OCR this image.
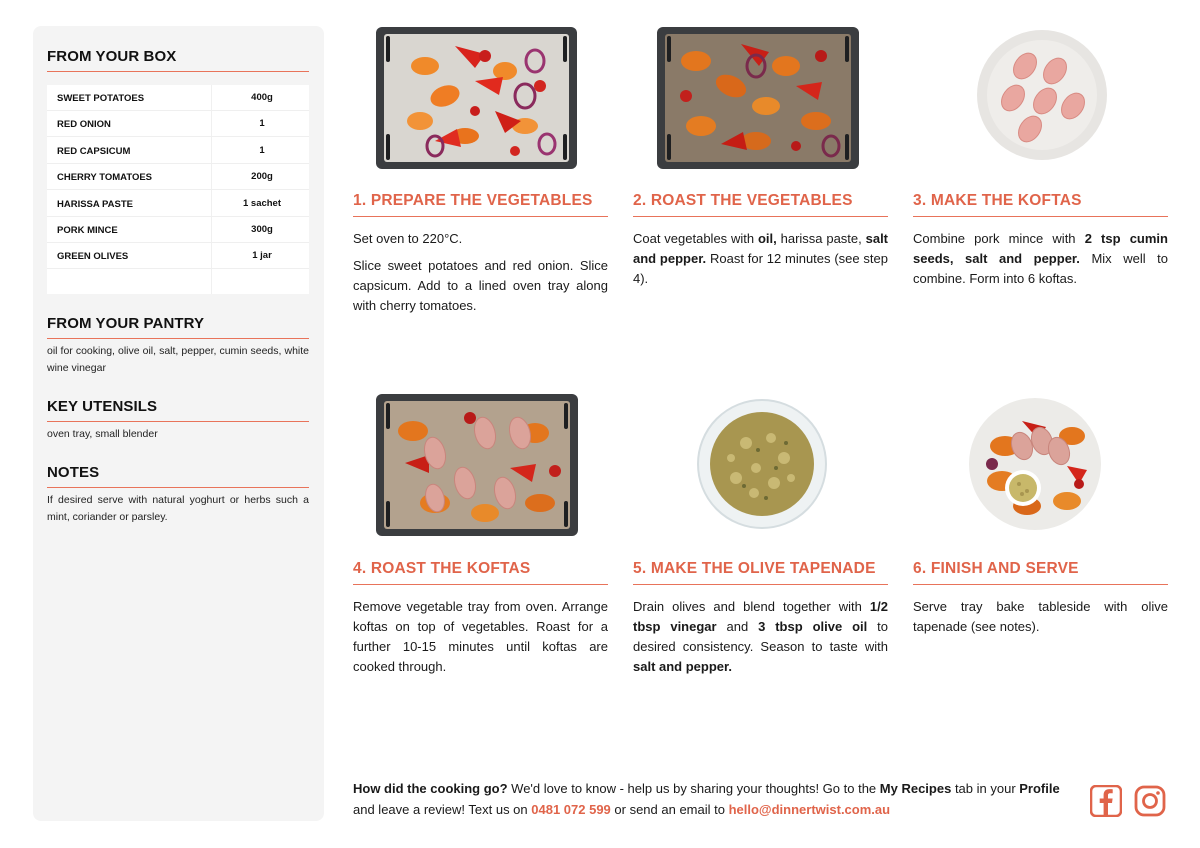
FROM YOUR BOX
SWEET POTATOES	400g
RED ONION	1
RED CAPSICUM	1
CHERRY TOMATOES	200g
HARISSA PASTE	1 sachet
PORK MINCE	300g
GREEN OLIVES	1 jar
FROM YOUR PANTRY
oil for cooking, olive oil, salt, pepper, cumin seeds, white wine vinegar
KEY UTENSILS
oven tray, small blender
NOTES
If desired serve with natural yoghurt or herbs such a mint, coriander or parsley.
1. PREPARE THE VEGETABLES

Set oven to 220°C.

Slice sweet potatoes and red onion. Slice capsicum. Add to a lined oven tray along with cherry tomatoes.

2. ROAST THE VEGETABLES

Coat vegetables with oil, harissa paste, salt and pepper. Roast for 12 minutes (see step 4).

3. MAKE THE KOFTAS

Combine pork mince with 2 tsp cumin seeds, salt and pepper. Mix well to combine. Form into 6 koftas.

4. ROAST THE KOFTAS

Remove vegetable tray from oven. Arrange koftas on top of vegetables. Roast for a further 10-15 minutes until koftas are cooked through.

5. MAKE THE OLIVE TAPENADE

Drain olives and blend together with 1/2 tbsp vinegar and 3 tbsp olive oil to desired consistency. Season to taste with salt and pepper.

6. FINISH AND SERVE

Serve tray bake tableside with olive tapenade (see notes).

How did the cooking go? We'd love to know - help us by sharing your thoughts! Go to the My Recipes tab in your Profile and leave a review! Text us on 0481 072 599 or send an email to hello@dinnertwist.com.au
